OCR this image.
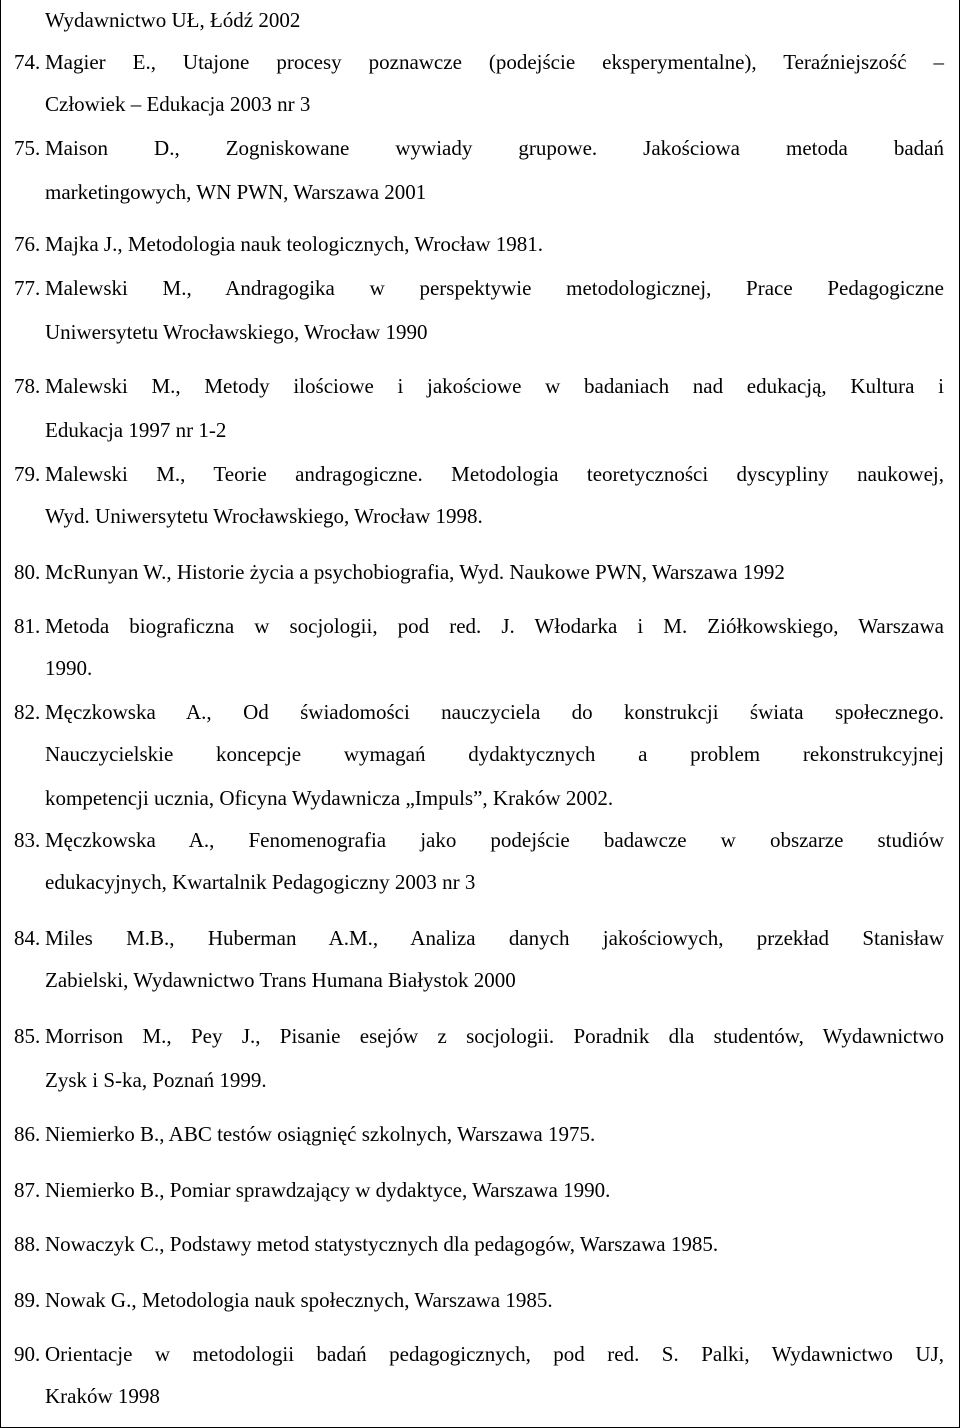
Wydawnictwo UŁ, Łódź 2002
74. Magier E., Utajone procesy poznawcze (podejście eksperymentalne), Teraźniejszość –
Człowiek – Edukacja 2003 nr 3
75. Maison D., Zogniskowane wywiady grupowe. Jakościowa metoda badań
marketingowych, WN PWN, Warszawa 2001
76. Majka J., Metodologia nauk teologicznych, Wrocław 1981.
77. Malewski M., Andragogika w perspektywie metodologicznej, Prace Pedagogiczne
Uniwersytetu Wrocławskiego, Wrocław 1990
78. Malewski M., Metody ilościowe i jakościowe w badaniach nad edukacją, Kultura i
Edukacja 1997 nr 1-2
79. Malewski M., Teorie andragogiczne. Metodologia teoretyczności dyscypliny naukowej,
Wyd. Uniwersytetu Wrocławskiego, Wrocław 1998.
80. McRunyan W., Historie życia a psychobiografia, Wyd. Naukowe PWN, Warszawa 1992
81. Metoda biograficzna w socjologii, pod red. J. Włodarka i M. Ziółkowskiego, Warszawa
1990.
82. Męczkowska A., Od świadomości nauczyciela do konstrukcji świata społecznego.
Nauczycielskie koncepcje wymagań dydaktycznych a problem rekonstrukcyjnej
kompetencji ucznia, Oficyna Wydawnicza „Impuls”, Kraków 2002.
83. Męczkowska A., Fenomenografia jako podejście badawcze w obszarze studiów
edukacyjnych, Kwartalnik Pedagogiczny 2003 nr 3
84. Miles M.B., Huberman A.M., Analiza danych jakościowych, przekład Stanisław
Zabielski, Wydawnictwo Trans Humana Białystok 2000
85. Morrison M., Pey J., Pisanie esejów z socjologii. Poradnik dla studentów, Wydawnictwo
Zysk i S-ka, Poznań 1999.
86. Niemierko B., ABC testów osiągnięć szkolnych, Warszawa 1975.
87. Niemierko B., Pomiar sprawdzający w dydaktyce, Warszawa 1990.
88. Nowaczyk C., Podstawy metod statystycznych dla pedagogów, Warszawa 1985.
89. Nowak G., Metodologia nauk społecznych, Warszawa 1985.
90. Orientacje w metodologii badań pedagogicznych, pod red. S. Palki, Wydawnictwo UJ,
Kraków 1998
